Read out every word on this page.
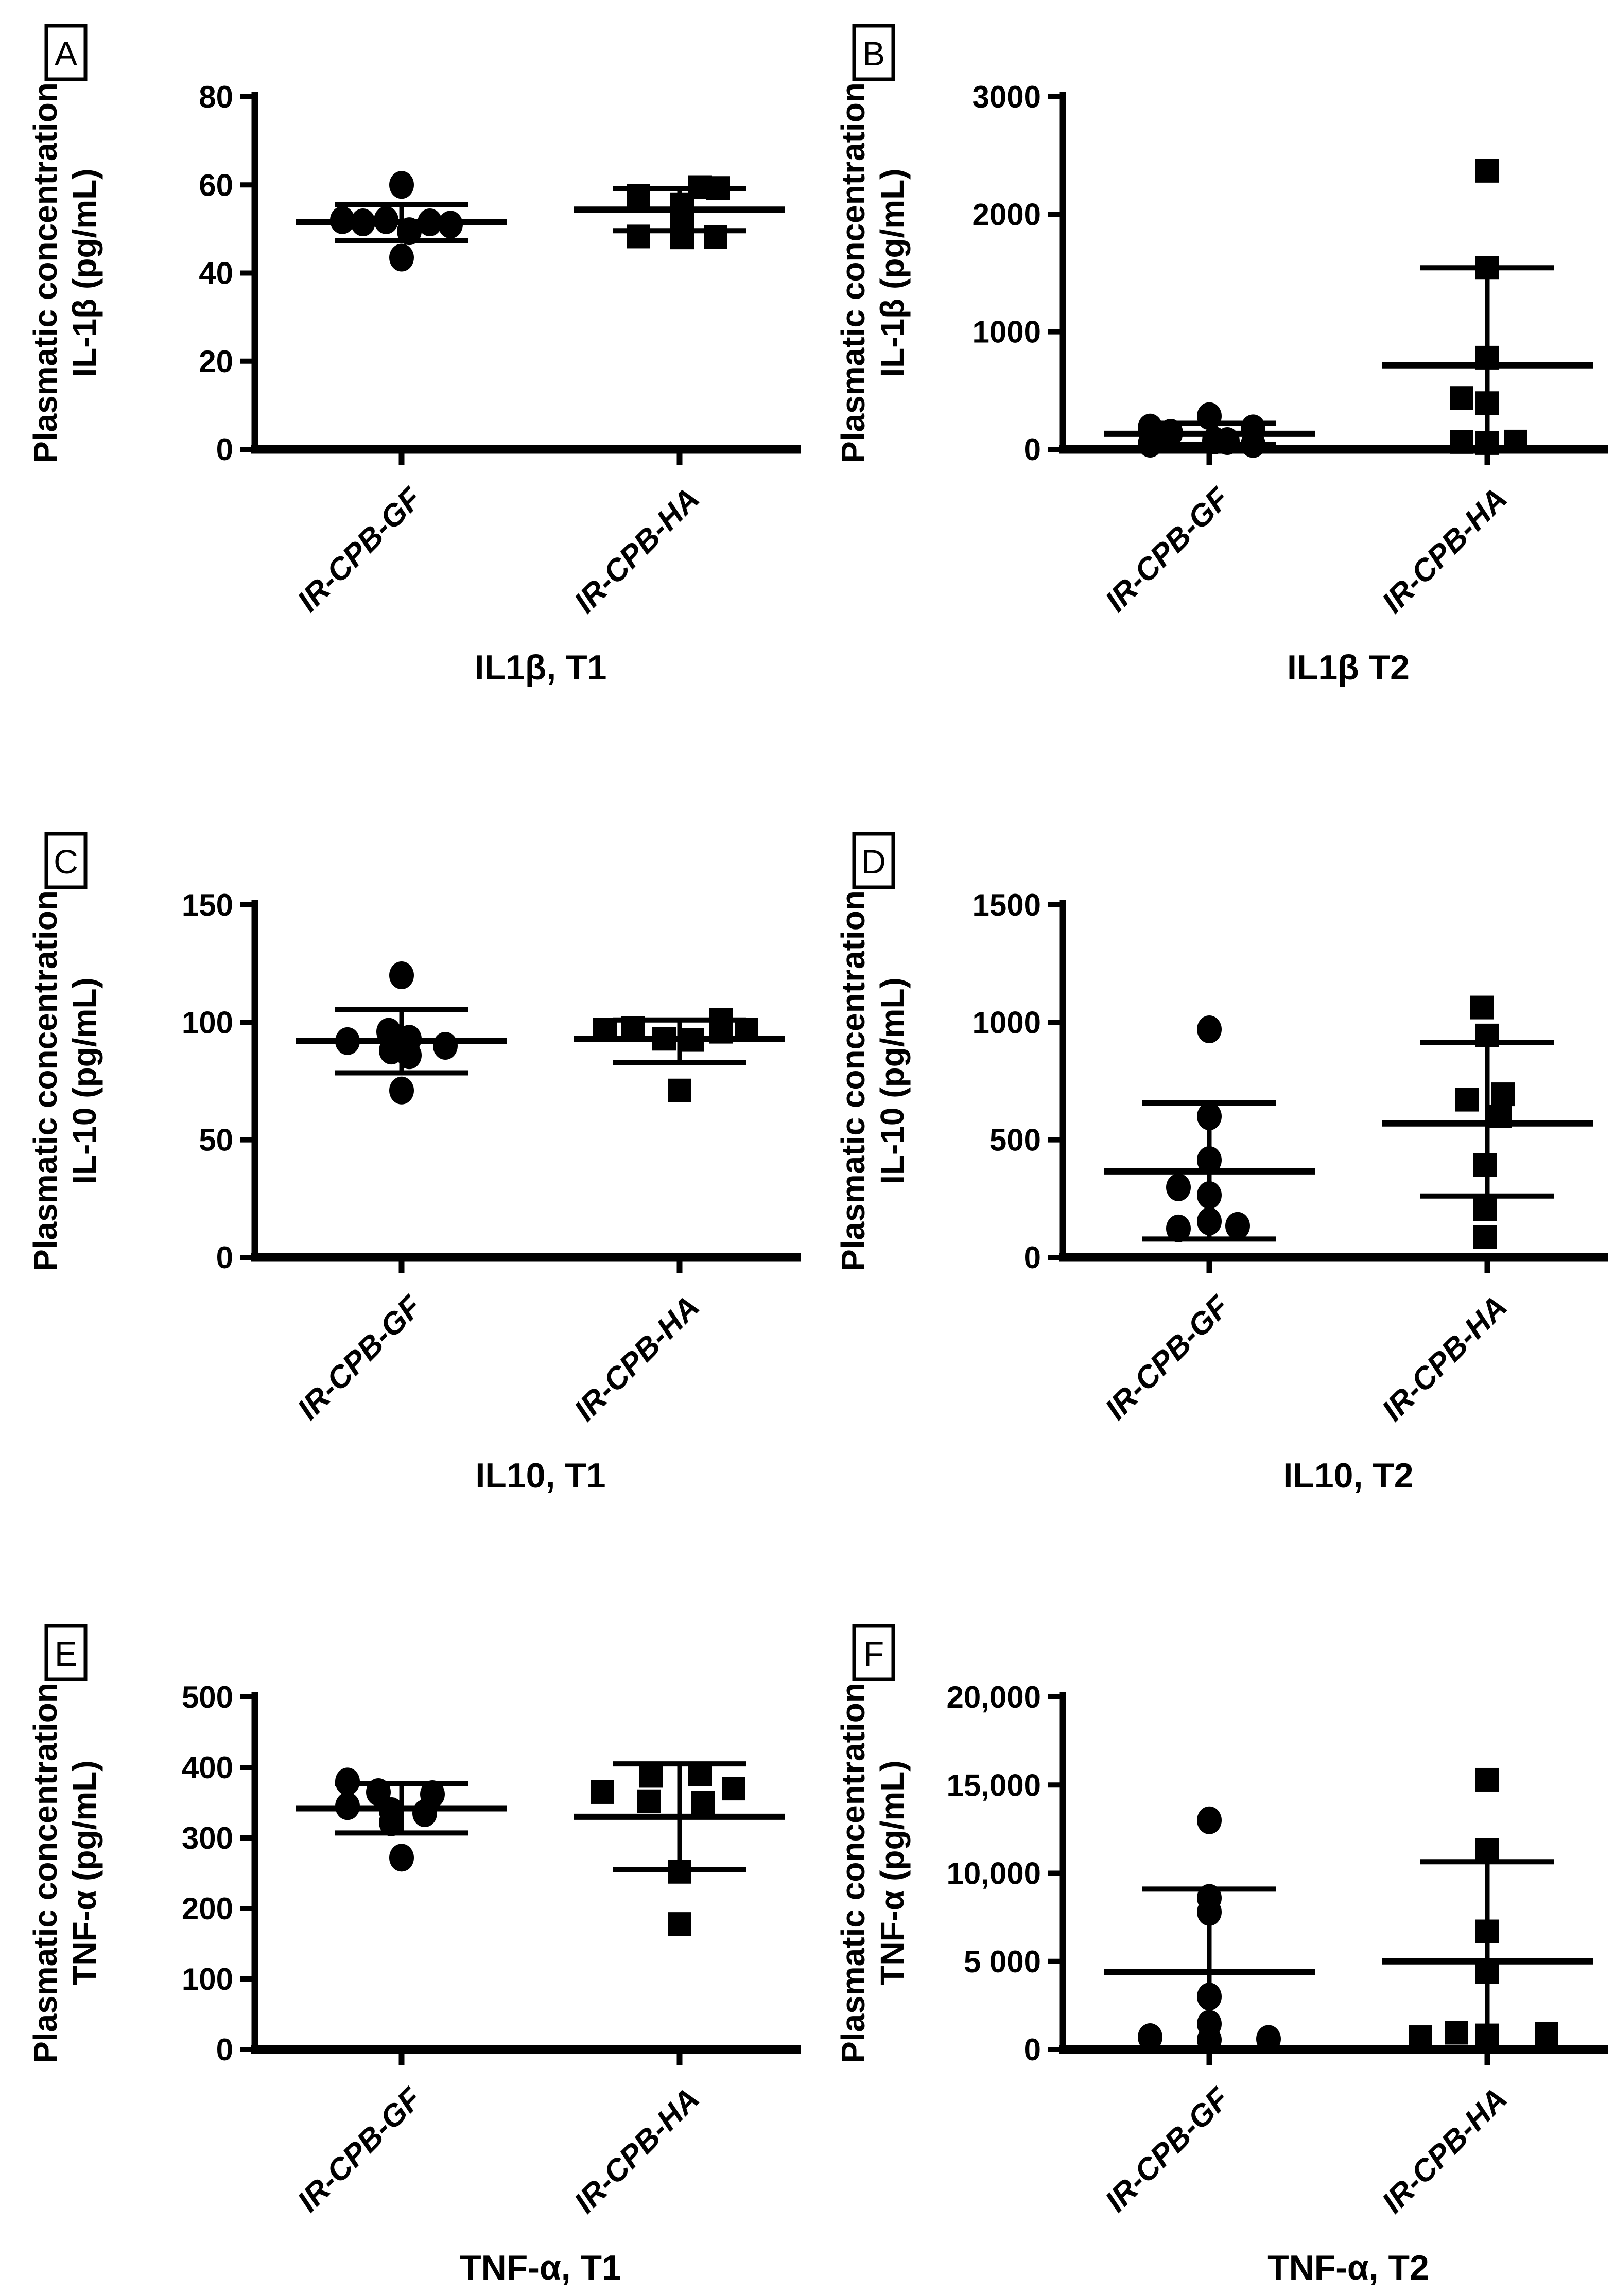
A
Plasmatic concentration IL-1β (pg/mL)
0
20
40
60
80
IR-CPB-GF	IR-CPB-HA
IL1β, T1
B
Plasmatic concentration IL-1β (pg/mL)
0
1000
2000
3000
IR-CPB-GF	IR-CPB-HA
IL1β T2
C
Plasmatic concentration IL-10 (pg/mL)
0
50
100
150
IR-CPB-GF	IR-CPB-HA
IL10, T1
D
Plasmatic concentration IL-10 (pg/mL)
0
500
1000
1500
IR-CPB-GF	IR-CPB-HA
IL10, T2
E
Plasmatic concentration TNF-α (pg/mL)
0
100
200
300
400
500
IR-CPB-GF	IR-CPB-HA
TNF-α, T1
F
Plasmatic concentration TNF-α (pg/mL)
0
5 000
10,000
15,000
20,000
IR-CPB-GF	IR-CPB-HA
TNF-α, T2
